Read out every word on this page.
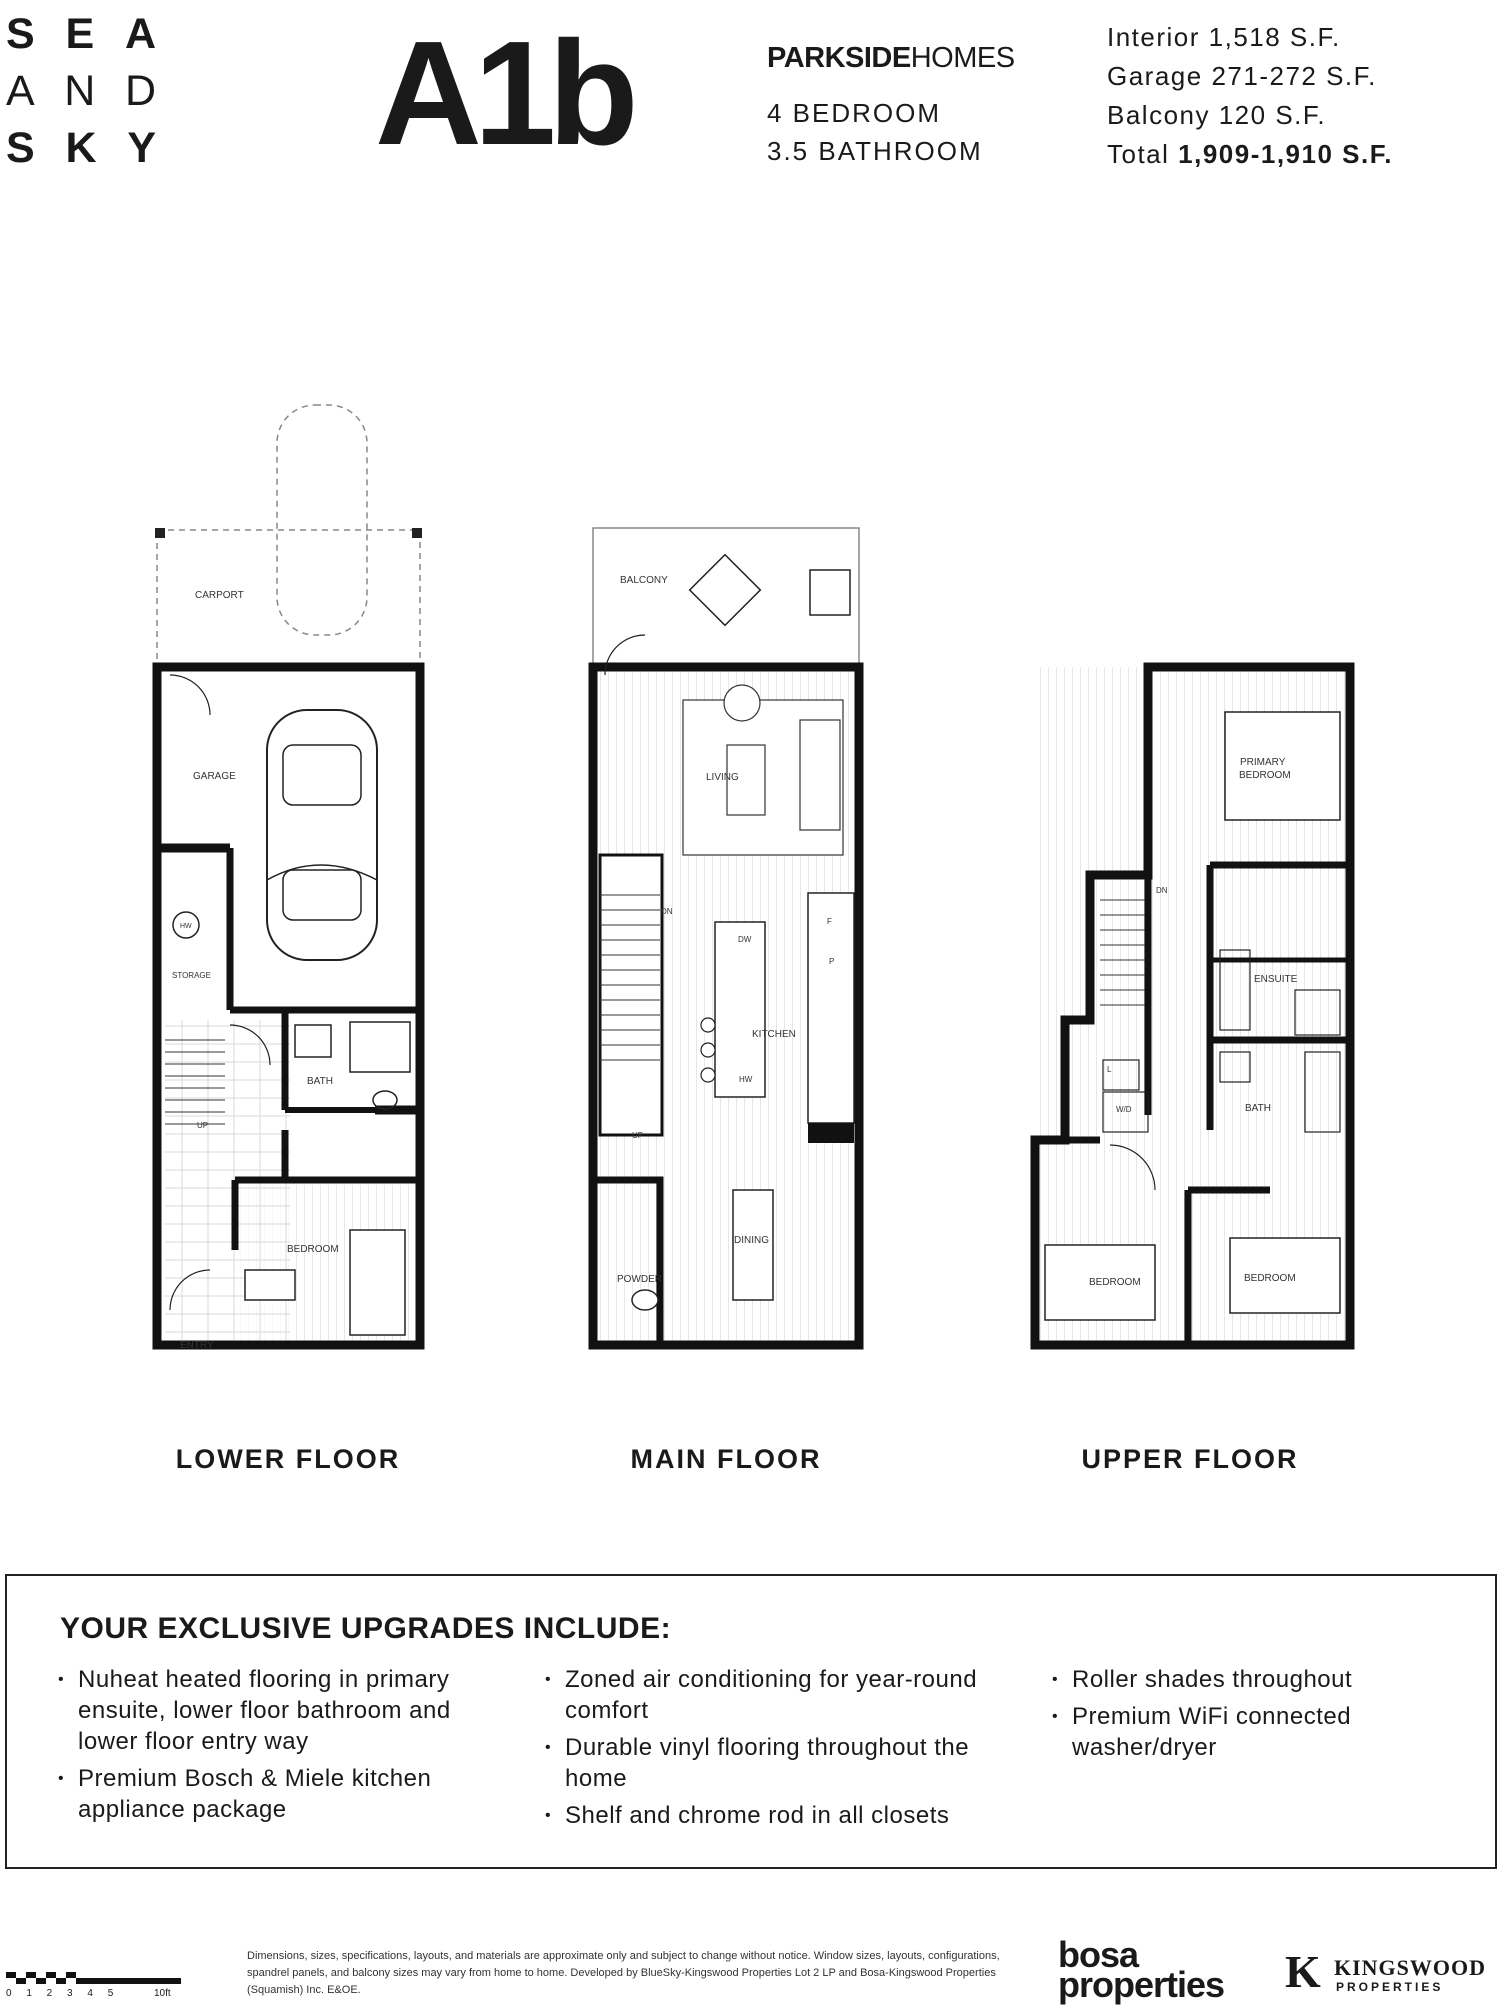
S E A
A N D
S K Y A1b	PARKSIDEHOMES
4 BEDROOM
3.5 BATHROOM
Interior 1,518 S.F.
Garage 271-272 S.F.
Balcony 120 S.F.
Total 1,909-1,910 S.F.
CARPORT
GARAGE
HW
STORAGE
BATH
UP
BEDROOM
ENTRY
BALCONY
LIVING
DN
DW
F
P
KITCHEN
HW
UP
DINING
POWDER
PRIMARY
BEDROOM
DN
ENSUITE
L
W/D	BATH
BEDROOM	BEDROOM
LOWER FLOOR	MAIN FLOOR	UPPER FLOOR
YOUR EXCLUSIVE UPGRADES INCLUDE:
• Nuheat heated flooring in primary ensuite, lower floor bathroom and lower floor entry way
• Premium Bosch & Miele kitchen appliance package
• Zoned air conditioning for year-round comfort
• Durable vinyl flooring throughout the home
• Shelf and chrome rod in all closets
• Roller shades throughout
• Premium WiFi connected washer/dryer
0 1 2 3 4 5	10ft
Dimensions, sizes, specifications, layouts, and materials are approximate only and subject to change without notice. Window sizes, layouts, configurations, spandrel panels, and balcony sizes may vary from home to home. Developed by BlueSky-Kingswood Properties Lot 2 LP and Bosa-Kingswood Properties (Squamish) Inc. E&OE.
bosa
properties K KINGSWOOD
PROPERTIES
